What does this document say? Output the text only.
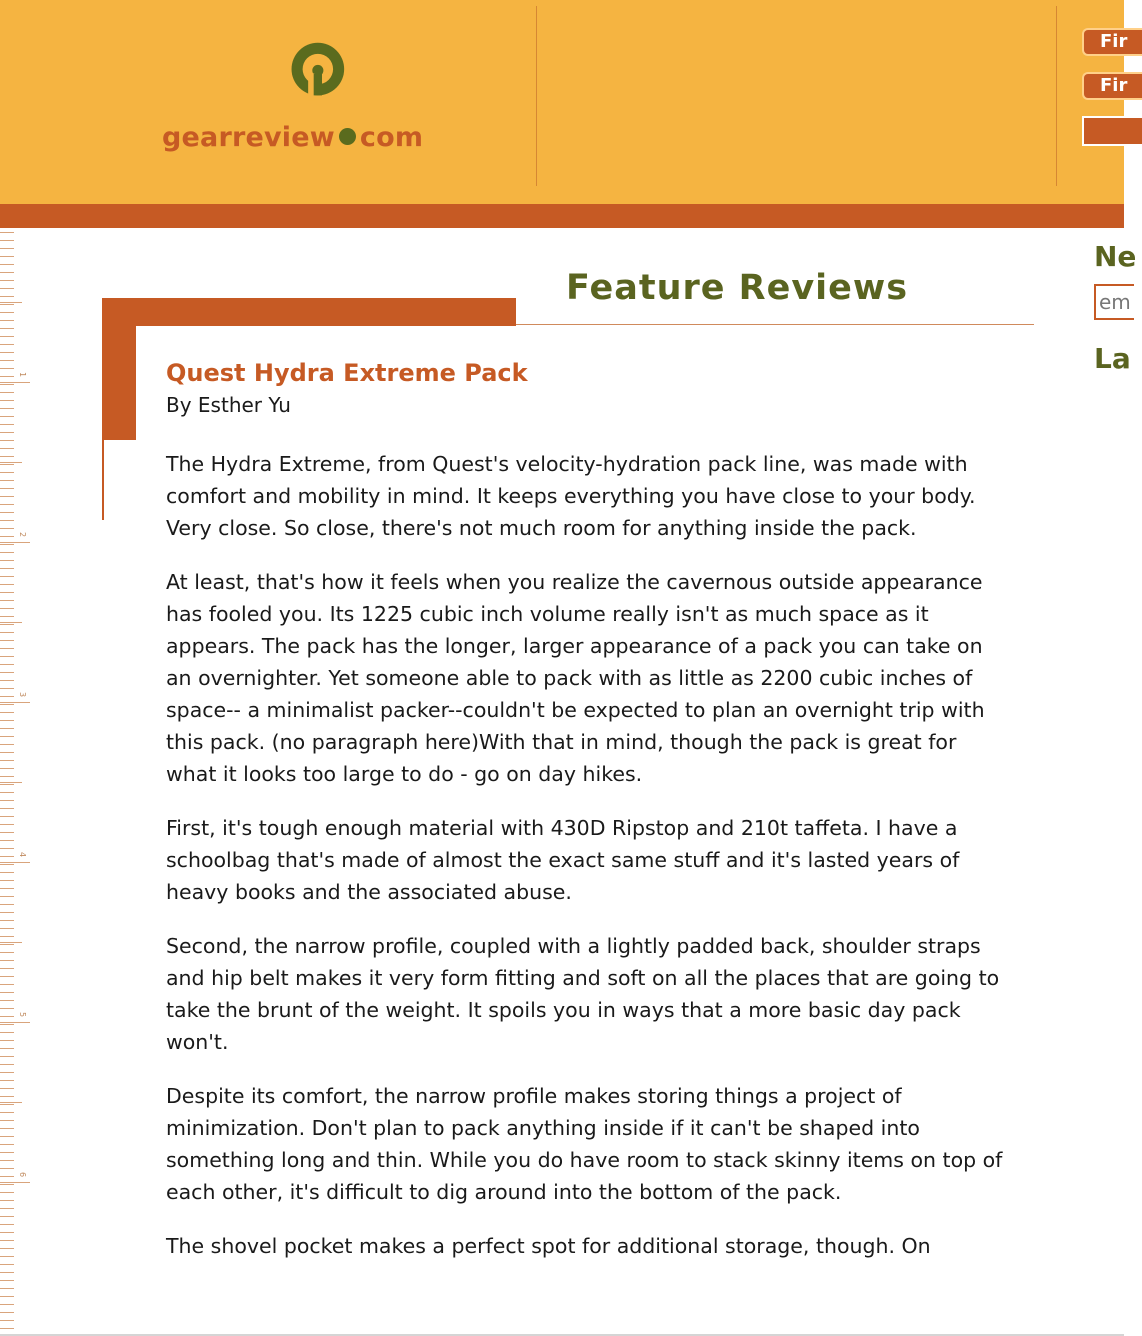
gearreview com
Fir
Fir
1
2
3
4
5
6
Feature Reviews
Quest Hydra Extreme Pack

By Esther Yu

The Hydra Extreme, from Quest's velocity-hydration pack line, was made with comfort and mobility in mind. It keeps everything you have close to your body. Very close. So close, there's not much room for anything inside the pack.

At least, that's how it feels when you realize the cavernous outside appearance has fooled you. Its 1225 cubic inch volume really isn't as much space as it appears. The pack has the longer, larger appearance of a pack you can take on an overnighter. Yet someone able to pack with as little as 2200 cubic inches of space-- a minimalist packer--couldn't be expected to plan an overnight trip with this pack. (no paragraph here)With that in mind, though the pack is great for what it looks too large to do - go on day hikes.

First, it's tough enough material with 430D Ripstop and 210t taffeta. I have a schoolbag that's made of almost the exact same stuff and it's lasted years of heavy books and the associated abuse.

Second, the narrow profile, coupled with a lightly padded back, shoulder straps and hip belt makes it very form fitting and soft on all the places that are going to take the brunt of the weight. It spoils you in ways that a more basic day pack won't.

Despite its comfort, the narrow profile makes storing things a project of minimization. Don't plan to pack anything inside if it can't be shaped into something long and thin. While you do have room to stack skinny items on top of each other, it's difficult to dig around into the bottom of the pack.

The shovel pocket makes a perfect spot for additional storage, though. On

Ne
em
La
